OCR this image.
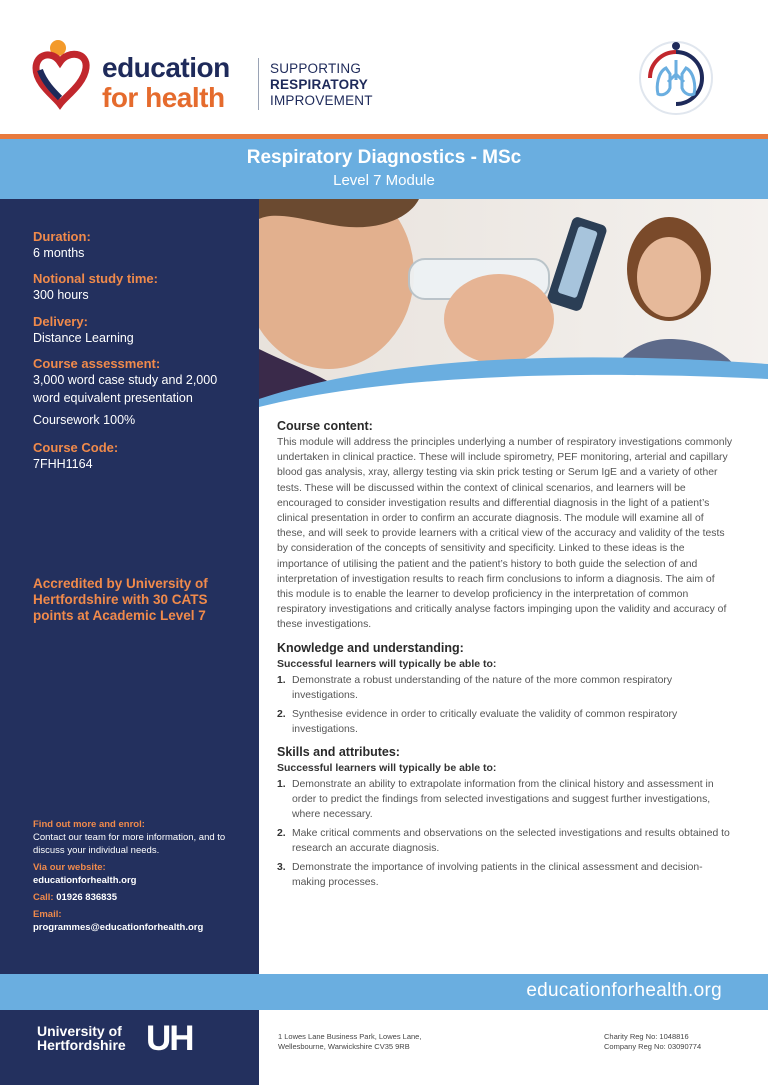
education
for health
SUPPORTING
RESPIRATORY
IMPROVEMENT
Respiratory Diagnostics - MSc
Level 7 Module
Duration:
6 months
Notional study time:
300 hours
Delivery:
Distance Learning
Course assessment:
3,000 word case study and 2,000 word equivalent presentation
Coursework 100%
Course Code:
7FHH1164
Accredited by University of Hertfordshire with 30 CATS points at Academic Level 7

Find out more and enrol:
Contact our team for more information, and to discuss your individual needs.

Via our website:
educationforhealth.org

Call: 01926 836835

Email:
programmes@educationforhealth.org

Course content:
This module will address the principles underlying a number of respiratory investigations commonly undertaken in clinical practice. These will include spirometry, PEF monitoring, arterial and capillary blood gas analysis, xray, allergy testing via skin prick testing or Serum IgE and a variety of other tests. These will be discussed within the context of clinical scenarios, and learners will be encouraged to consider investigation results and differential diagnosis in the light of a patient’s clinical presentation in order to confirm an accurate diagnosis. The module will examine all of these, and will seek to provide learners with a critical view of the accuracy and validity of the tests by consideration of the concepts of sensitivity and specificity. Linked to these ideas is the importance of utilising the patient and the patient’s history to both guide the selection of and interpretation of investigation results to reach firm conclusions to inform a diagnosis. The aim of this module is to enable the learner to develop proficiency in the interpretation of common respiratory investigations and critically analyse factors impinging upon the validity and accuracy of these investigations.
Knowledge and understanding:
Successful learners will typically be able to:
1. Demonstrate a robust understanding of the nature of the more common respiratory investigations.
2. Synthesise evidence in order to critically evaluate the validity of common respiratory investigations.
Skills and attributes:
Successful learners will typically be able to:
1. Demonstrate an ability to extrapolate information from the clinical history and assessment in order to predict the findings from selected investigations and suggest further investigations, where necessary.
2. Make critical comments and observations on the selected investigations and results obtained to research an accurate diagnosis.
3. Demonstrate the importance of involving patients in the clinical assessment and decision-making processes.
educationforhealth.org
University of
Hertfordshire UH	1 Lowes Lane Business Park, Lowes Lane,
Wellesbourne, Warwickshire CV35 9RB
Charity Reg No: 1048816
Company Reg No: 03090774
